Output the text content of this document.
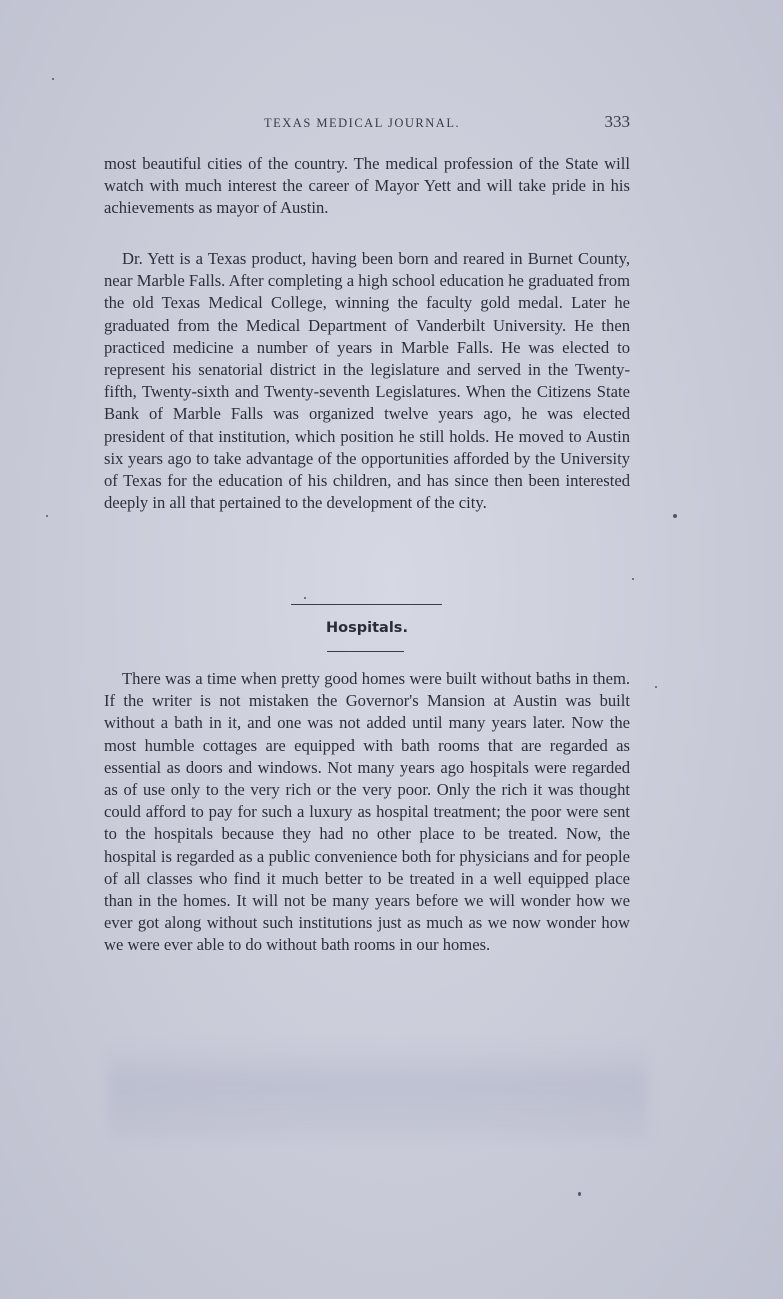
TEXAS MEDICAL JOURNAL.	333

most beautiful cities of the country. The medical profession of the State will watch with much interest the career of Mayor Yett and will take pride in his achievements as mayor of Austin.

Dr. Yett is a Texas product, having been born and reared in Burnet County, near Marble Falls. After completing a high school education he graduated from the old Texas Medical College, winning the faculty gold medal. Later he graduated from the Medical Department of Vanderbilt University. He then practiced medicine a number of years in Marble Falls. He was elected to represent his senatorial district in the legislature and served in the Twenty-fifth, Twenty-sixth and Twenty-seventh Legislatures. When the Citizens State Bank of Marble Falls was organized twelve years ago, he was elected president of that institution, which position he still holds. He moved to Austin six years ago to take advantage of the opportunities afforded by the University of Texas for the education of his children, and has since then been interested deeply in all that pertained to the development of the city.

Hospitals.

There was a time when pretty good homes were built without baths in them. If the writer is not mistaken the Governor's Mansion at Austin was built without a bath in it, and one was not added until many years later. Now the most humble cottages are equipped with bath rooms that are regarded as essential as doors and windows. Not many years ago hospitals were regarded as of use only to the very rich or the very poor. Only the rich it was thought could afford to pay for such a luxury as hospital treatment; the poor were sent to the hospitals because they had no other place to be treated. Now, the hospital is regarded as a public convenience both for physicians and for people of all classes who find it much better to be treated in a well equipped place than in the homes. It will not be many years before we will wonder how we ever got along without such institutions just as much as we now wonder how we were ever able to do without bath rooms in our homes.
